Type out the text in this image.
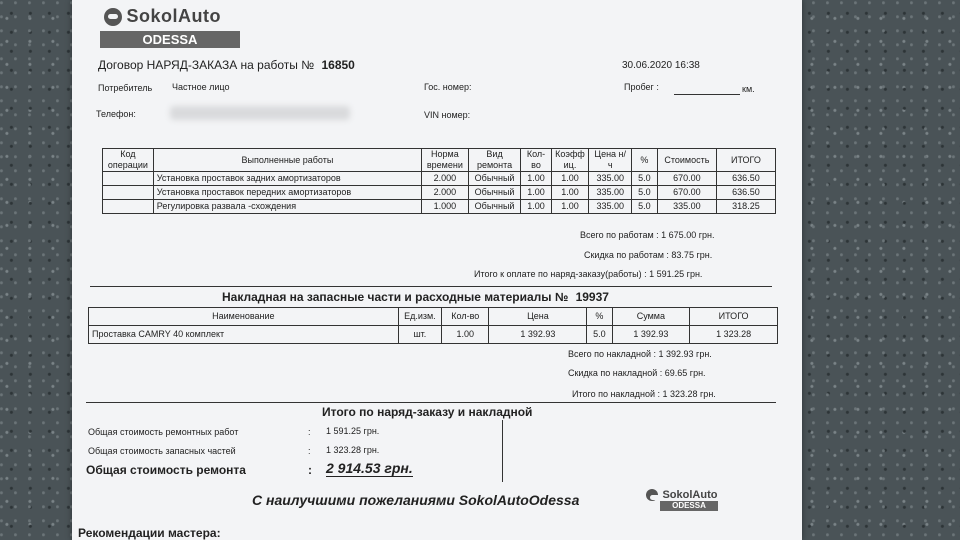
SokolAuto
ODESSA
Договор НАРЯД-ЗАКАЗА на работы № 16850	30.06.2020 16:38
Потребитель Частное лицо	Гос. номер:	Пробег :	км.
Телефон:	VIN номер:
Код операции	Выполненные работы	Норма времени	Вид ремонта	Кол-во	Коэфф иц.	Цена н/ч	%	Стоимость	ИТОГО
	Установка проставок задних амортизаторов	2.000	Обычный	1.00	1.00	335.00	5.0	670.00	636.50
	Установка проставок передних амортизаторов	2.000	Обычный	1.00	1.00	335.00	5.0	670.00	636.50
	Регулировка развала -схождения	1.000	Обычный	1.00	1.00	335.00	5.0	335.00	318.25
Всего по работам : 1 675.00 грн.
Скидка по работам : 83.75 грн.
Итого к оплате по наряд-заказу(работы) : 1 591.25 грн.
Накладная на запасные части и расходные материалы № 19937
Наименование	Ед.изм.	Кол-во	Цена	%	Сумма	ИТОГО
Проставка CAMRY 40 комплект	шт.	1.00	1 392.93	5.0	1 392.93	1 323.28
Всего по накладной : 1 392.93 грн.
Скидка по накладной : 69.65 грн.
Итого по накладной : 1 323.28 грн.
Итого по наряд-заказу и накладной
Общая стоимость ремонтных работ	: 1 591.25 грн.
Общая стоимость запасных частей	: 1 323.28 грн.
Общая стоимость ремонта	: 2 914.53 грн.
С наилучшими пожеланиями SokolAutoOdessa	SokolAuto
ODESSA
Рекомендации мастера:
